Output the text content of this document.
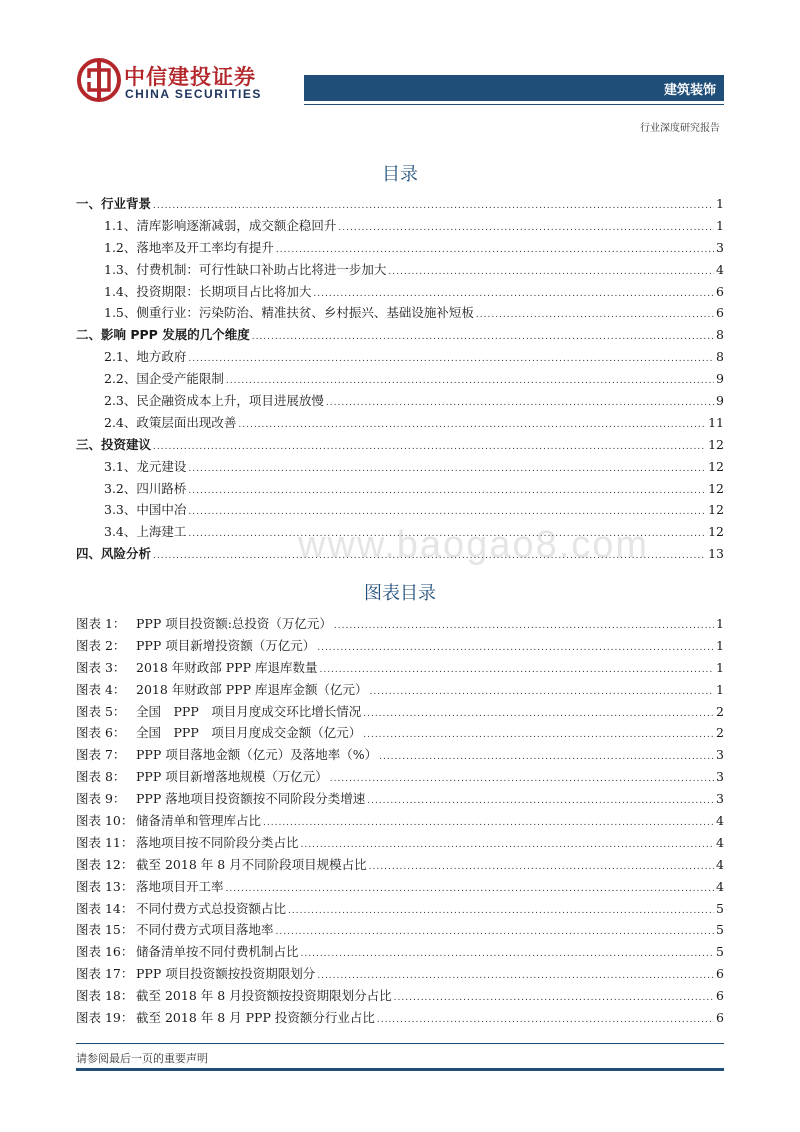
中信建投证券
CHINA SECURITIES	建筑装饰
行业深度研究报告
目录
一、行业背景 .....	1
1.1、清库影响逐渐减弱，成交额企稳回升 .....	1
1.2、落地率及开工率均有提升 .....	3
1.3、付费机制：可行性缺口补助占比将进一步加大 .....	4
1.4、投资期限：长期项目占比将加大 .....	6
1.5、侧重行业：污染防治、精准扶贫、乡村振兴、基础设施补短板 .....	6
二、影响 PPP 发展的几个维度 .....	8
2.1、地方政府 .....	8
2.2、国企受产能限制 .....	9
2.3、民企融资成本上升，项目进展放慢 .....	9
2.4、政策层面出现改善 .....	11
三、投资建议 .....	12
3.1、龙元建设 .....	12
3.2、四川路桥 .....	12
3.3、中国中冶 .....	12
3.4、上海建工 .....	12
四、风险分析 .....	13
www.baogao8.com
图表目录
图表 1： PPP 项目投资额:总投资（万亿元） .....	1
图表 2： PPP 项目新增投资额（万亿元） .....	1
图表 3： 2018 年财政部 PPP 库退库数量 .....	1
图表 4： 2018 年财政部 PPP 库退库金额（亿元） .....	1
图表 5： 全国　PPP　项目月度成交环比增长情况 .....	2
图表 6： 全国　PPP　项目月度成交金额（亿元） .....	2
图表 7： PPP 项目落地金额（亿元）及落地率（%） .....	3
图表 8： PPP 项目新增落地规模（万亿元） .....	3
图表 9： PPP 落地项目投资额按不同阶段分类增速 .....	3
图表 10： 储备清单和管理库占比 .....	4
图表 11： 落地项目按不同阶段分类占比 .....	4
图表 12： 截至 2018 年 8 月不同阶段项目规模占比 .....	4
图表 13： 落地项目开工率 .....	4
图表 14： 不同付费方式总投资额占比 .....	5
图表 15： 不同付费方式项目落地率 .....	5
图表 16： 储备清单按不同付费机制占比 .....	5
图表 17： PPP 项目投资额按投资期限划分 .....	6
图表 18： 截至 2018 年 8 月投资额按投资期限划分占比 .....	6
图表 19： 截至 2018 年 8 月 PPP 投资额分行业占比 .....	6
请参阅最后一页的重要声明
